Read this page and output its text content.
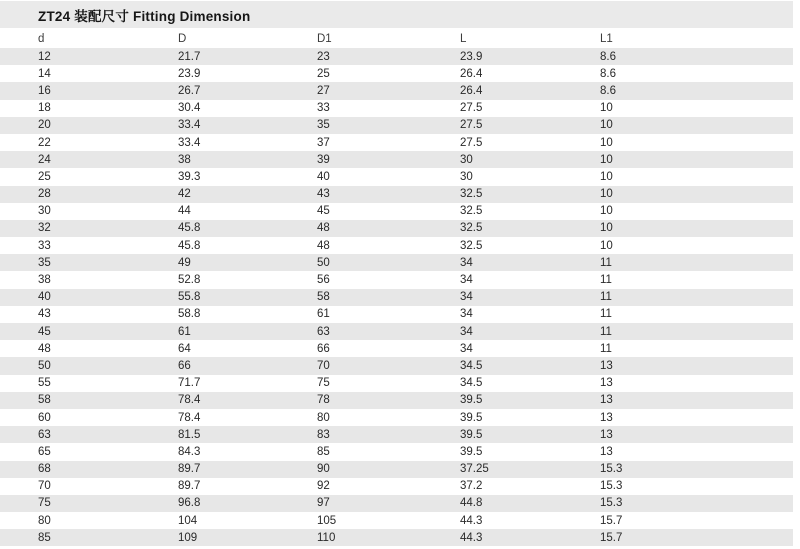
ZT24 装配尺寸 Fitting Dimension
d	D	D1	L	L1
12	21.7	23	23.9	8.6
14	23.9	25	26.4	8.6
16	26.7	27	26.4	8.6
18	30.4	33	27.5	10
20	33.4	35	27.5	10
22	33.4	37	27.5	10
24	38	39	30	10
25	39.3	40	30	10
28	42	43	32.5	10
30	44	45	32.5	10
32	45.8	48	32.5	10
33	45.8	48	32.5	10
35	49	50	34	11
38	52.8	56	34	11
40	55.8	58	34	11
43	58.8	61	34	11
45	61	63	34	11
48	64	66	34	11
50	66	70	34.5	13
55	71.7	75	34.5	13
58	78.4	78	39.5	13
60	78.4	80	39.5	13
63	81.5	83	39.5	13
65	84.3	85	39.5	13
68	89.7	90	37.25	15.3
70	89.7	92	37.2	15.3
75	96.8	97	44.8	15.3
80	104	105	44.3	15.7
85	109	110	44.3	15.7
